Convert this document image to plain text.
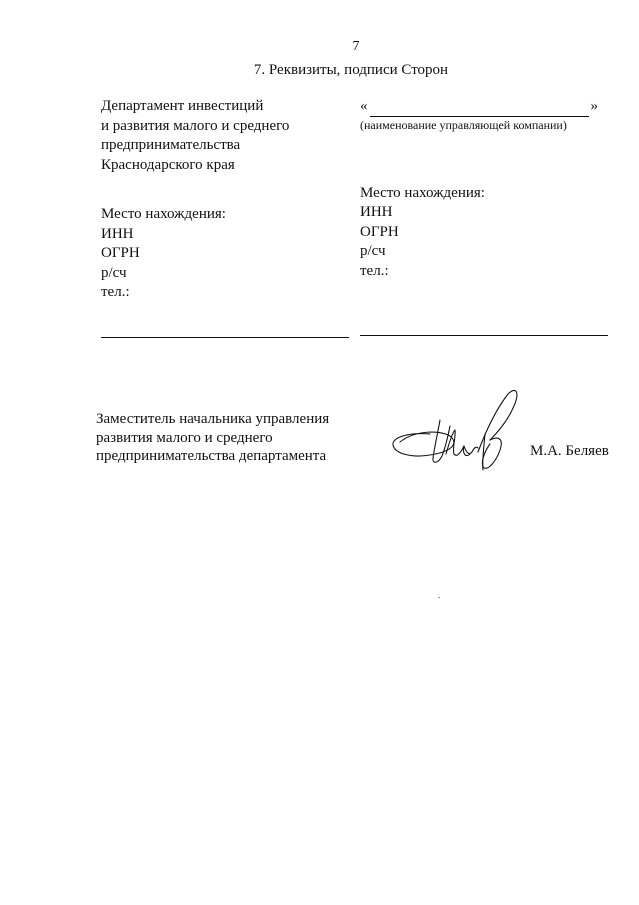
7
7. Реквизиты, подписи Сторон
Департамент инвестиций
и развития малого и среднего
предпринимательства
Краснодарского края
Место нахождения:
ИНН
ОГРН
р/сч
тел.:
«	»
(наименование управляющей компании)
Место нахождения:
ИНН
ОГРН
р/сч
тел.:
Заместитель начальника управления
развития малого и среднего
предпринимательства департамента	М.А. Беляев
